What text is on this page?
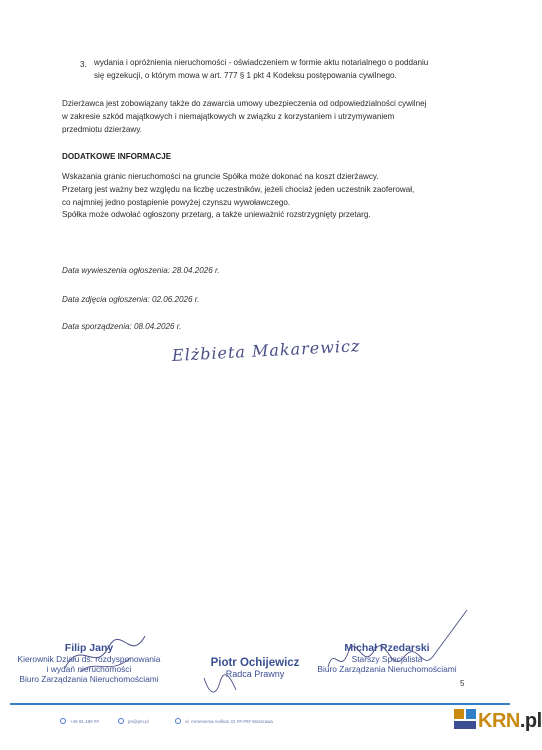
3. wydania i opróżnienia nieruchomości - oświadczeniem w formie aktu notarialnego o poddaniu
się egzekucji, o którym mowa w art. 777 § 1 pkt 4 Kodeksu postępowania cywilnego.
Dzierżawca jest zobowiązany także do zawarcia umowy ubezpieczenia od odpowiedzialności cywilnej
w zakresie szkód majątkowych i niemajątkowych w związku z korzystaniem i utrzymywaniem
przedmiotu dzierżawy.
DODATKOWE INFORMACJE
Wskazania granic nieruchomości na gruncie Spółka może dokonać na koszt dzierżawcy.
Przetarg jest ważny bez względu na liczbę uczestników, jeżeli chociaż jeden uczestnik zaoferował,
co najmniej jedno postąpienie powyżej czynszu wywoławczego.
Spółka może odwołać ogłoszony przetarg, a także unieważnić rozstrzygnięty przetarg.
Data wywieszenia ogłoszenia: 28.04.2026 r.
Data zdjęcia ogłoszenia: 02.06.2026 r.
Data sporządzenia: 08.04.2026 r.
Elżbieta Makarewicz
Filip Jany
Kierownik Działu ds. rozdysponowania
i wydań nieruchomości
Biuro Zarządzania Nieruchomościami
Piotr Ochijewicz
Radca Prawny
Michał Rzedarski
Starszy Specjalista
Biuro Zarządzania Nieruchomościami
5
+48 91 480 ##	pn@pm.pl	ul. Armenienia Anilkan 22 ##-### Warszawa	KRN.pl
